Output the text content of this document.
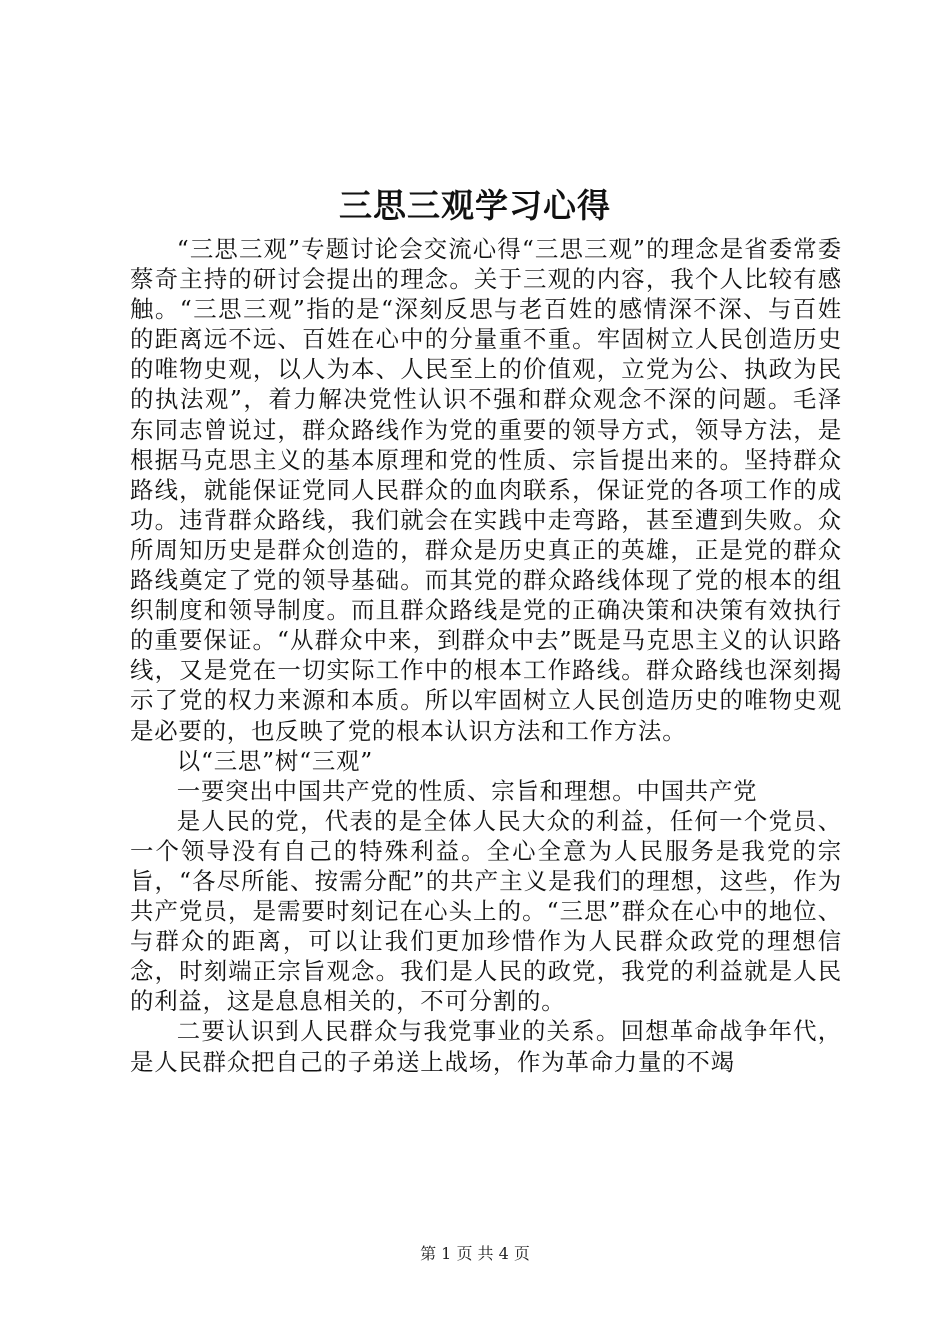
三思三观学习心得

“三思三观”专题讨论会交流心得“三思三观”的理念是省委常委蔡奇主持的研讨会提出的理念。关于三观的内容，我个人比较有感触。“三思三观”指的是“深刻反思与老百姓的感情深不深、与百姓的距离远不远、百姓在心中的分量重不重。牢固树立人民创造历史的唯物史观，以人为本、人民至上的价值观，立党为公、执政为民的执法观”，着力解决党性认识不强和群众观念不深的问题。毛泽东同志曾说过，群众路线作为党的重要的领导方式，领导方法，是根据马克思主义的基本原理和党的性质、宗旨提出来的。坚持群众路线，就能保证党同人民群众的血肉联系，保证党的各项工作的成功。违背群众路线，我们就会在实践中走弯路，甚至遭到失败。众所周知历史是群众创造的，群众是历史真正的英雄，正是党的群众路线奠定了党的领导基础。而其党的群众路线体现了党的根本的组织制度和领导制度。而且群众路线是党的正确决策和决策有效执行的重要保证。“从群众中来，到群众中去”既是马克思主义的认识路线，又是党在一切实际工作中的根本工作路线。群众路线也深刻揭示了党的权力来源和本质。所以牢固树立人民创造历史的唯物史观是必要的，也反映了党的根本认识方法和工作方法。

以“三思”树“三观”

一要突出中国共产党的性质、宗旨和理想。中国共产党

是人民的党，代表的是全体人民大众的利益，任何一个党员、一个领导没有自己的特殊利益。全心全意为人民服务是我党的宗旨，“各尽所能、按需分配”的共产主义是我们的理想，这些，作为共产党员，是需要时刻记在心头上的。“三思”群众在心中的地位、与群众的距离，可以让我们更加珍惜作为人民群众政党的理想信念，时刻端正宗旨观念。我们是人民的政党，我党的利益就是人民的利益，这是息息相关的，不可分割的。

二要认识到人民群众与我党事业的关系。回想革命战争年代，是人民群众把自己的子弟送上战场，作为革命力量的不竭

第 1 页 共 4 页
